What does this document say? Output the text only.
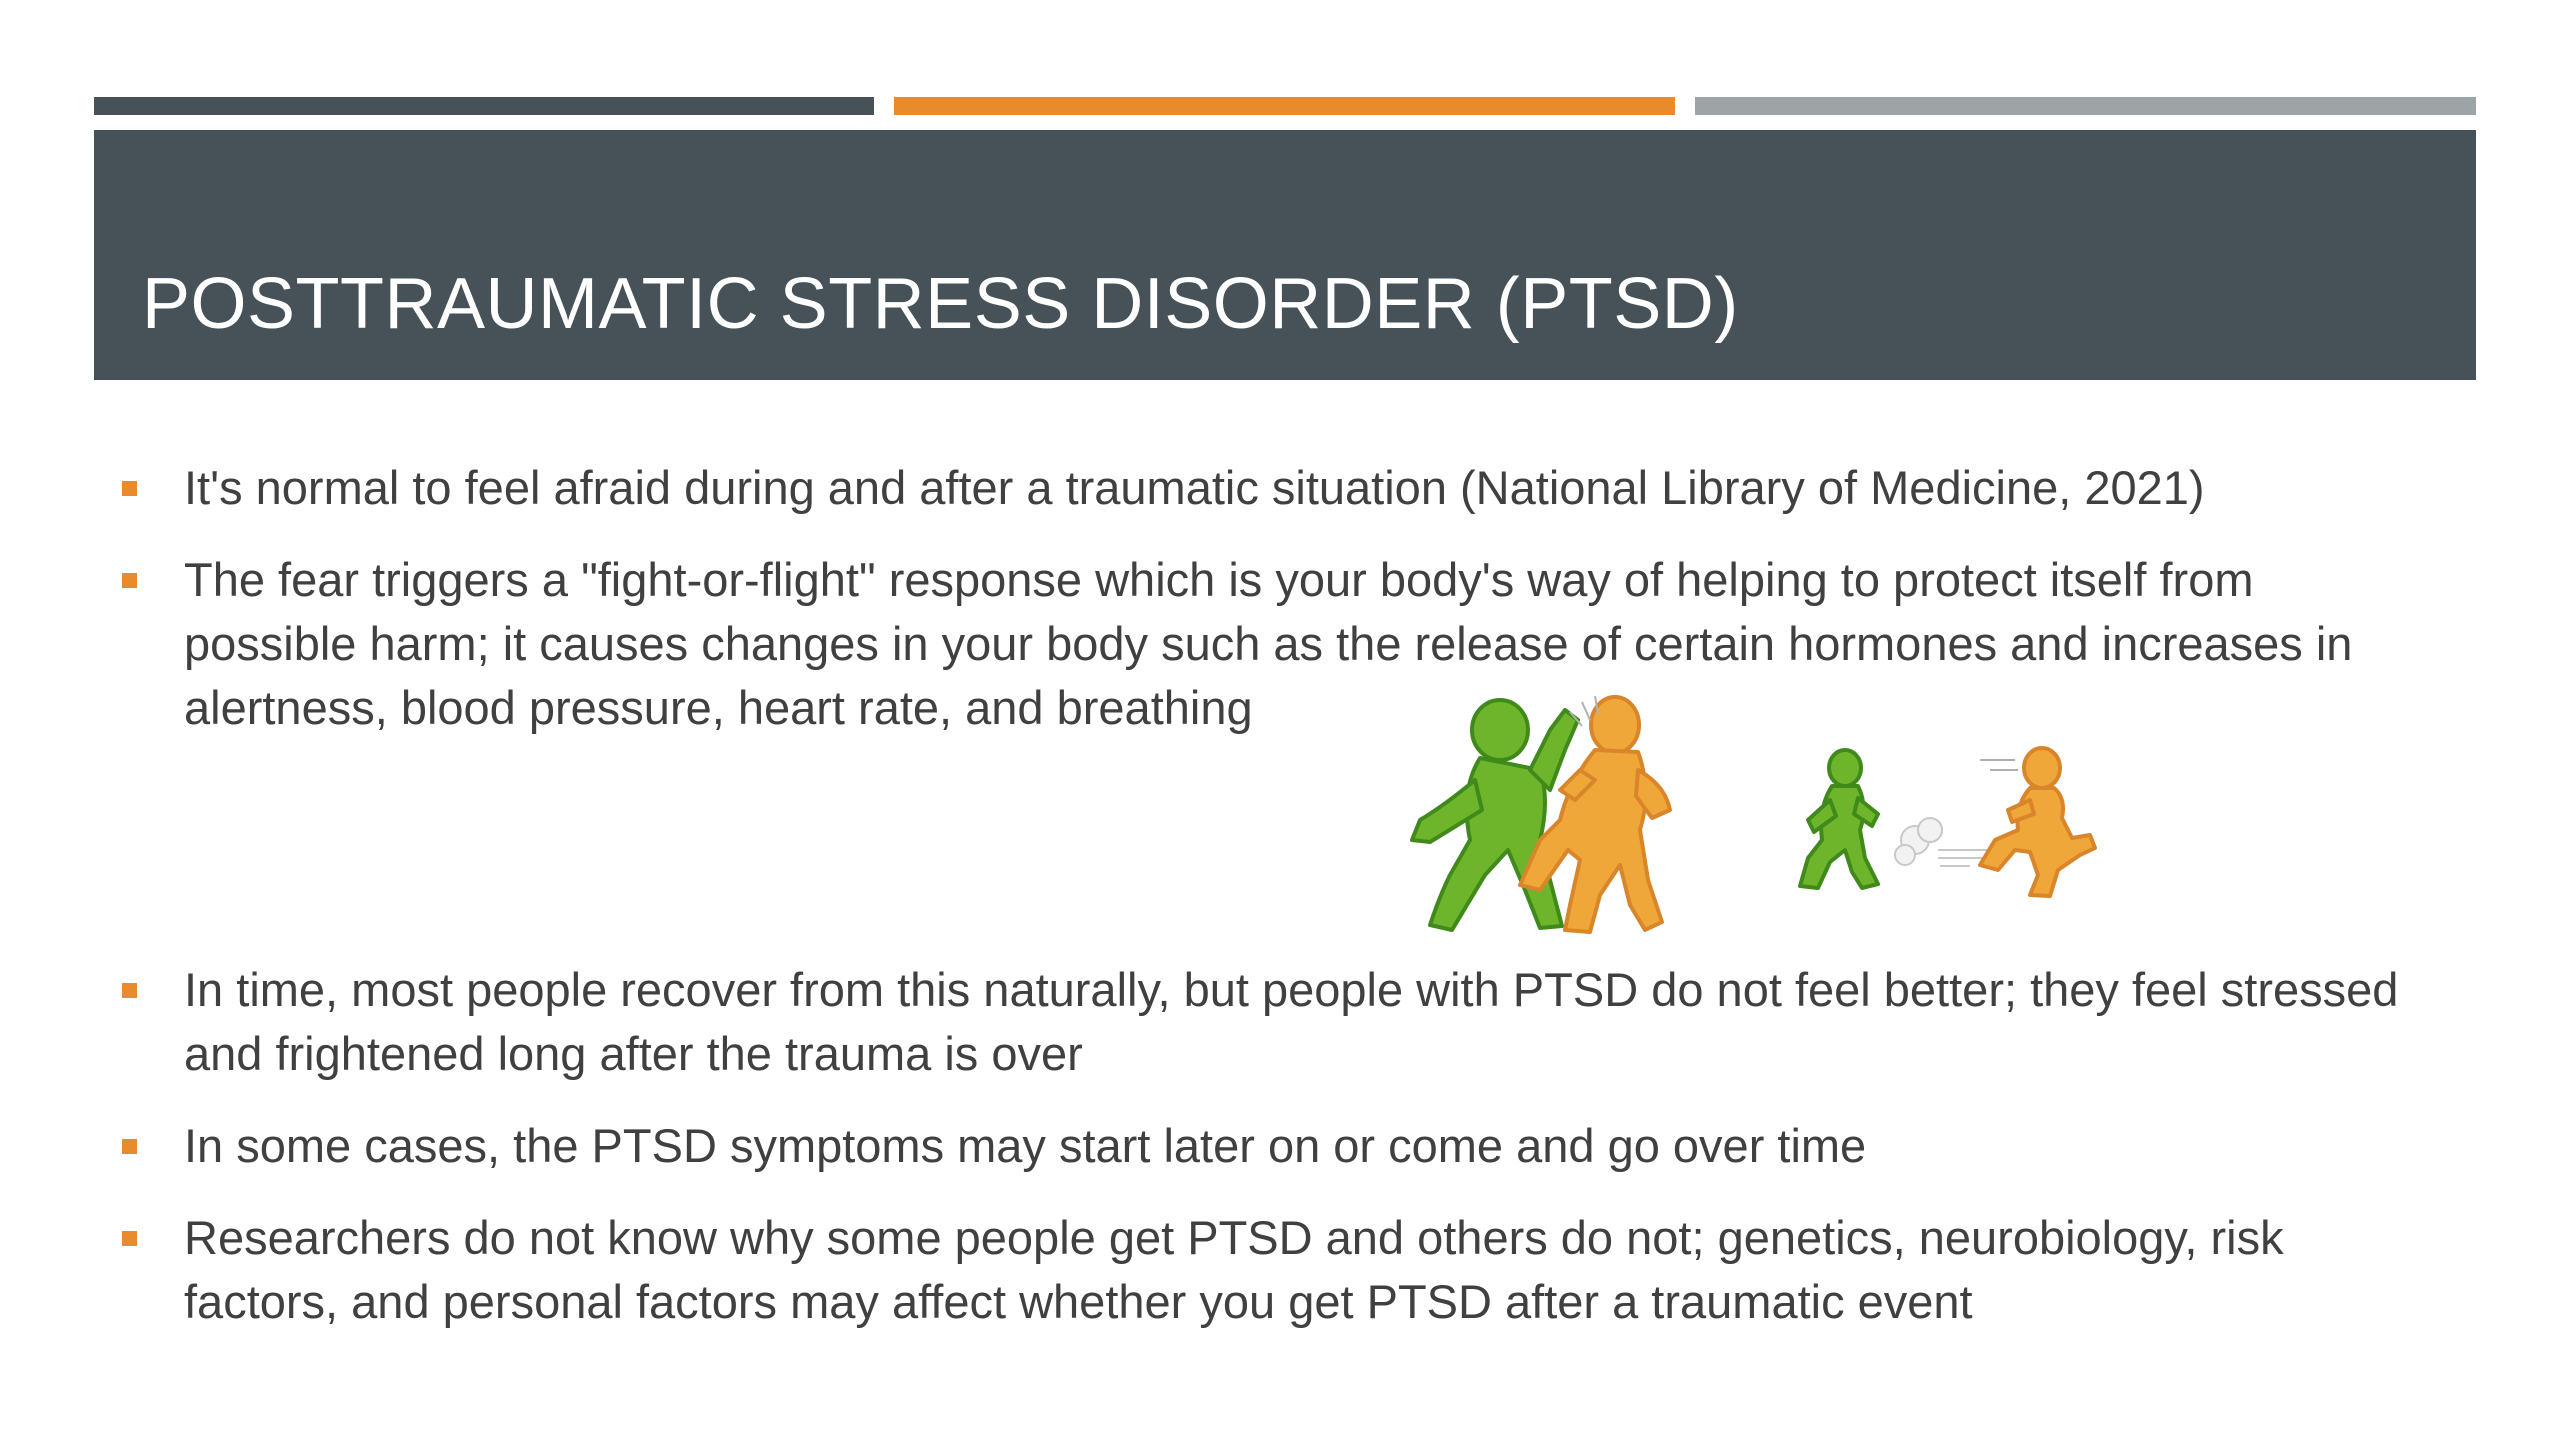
POSTTRAUMATIC STRESS DISORDER (PTSD)
It's normal to feel afraid during and after a traumatic situation (National Library of Medicine, 2021)
The fear triggers a "fight-or-flight" response which is your body's way of helping to protect itself from possible harm; it causes changes in your body such as the release of certain hormones and increases in alertness, blood pressure, heart rate, and breathing
In time, most people recover from this naturally, but people with PTSD do not feel better; they feel stressed and frightened long after the trauma is over
In some cases, the PTSD symptoms may start later on or come and go over time
Researchers do not know why some people get PTSD and others do not; genetics, neurobiology, risk factors, and personal factors may affect whether you get PTSD after a traumatic event
